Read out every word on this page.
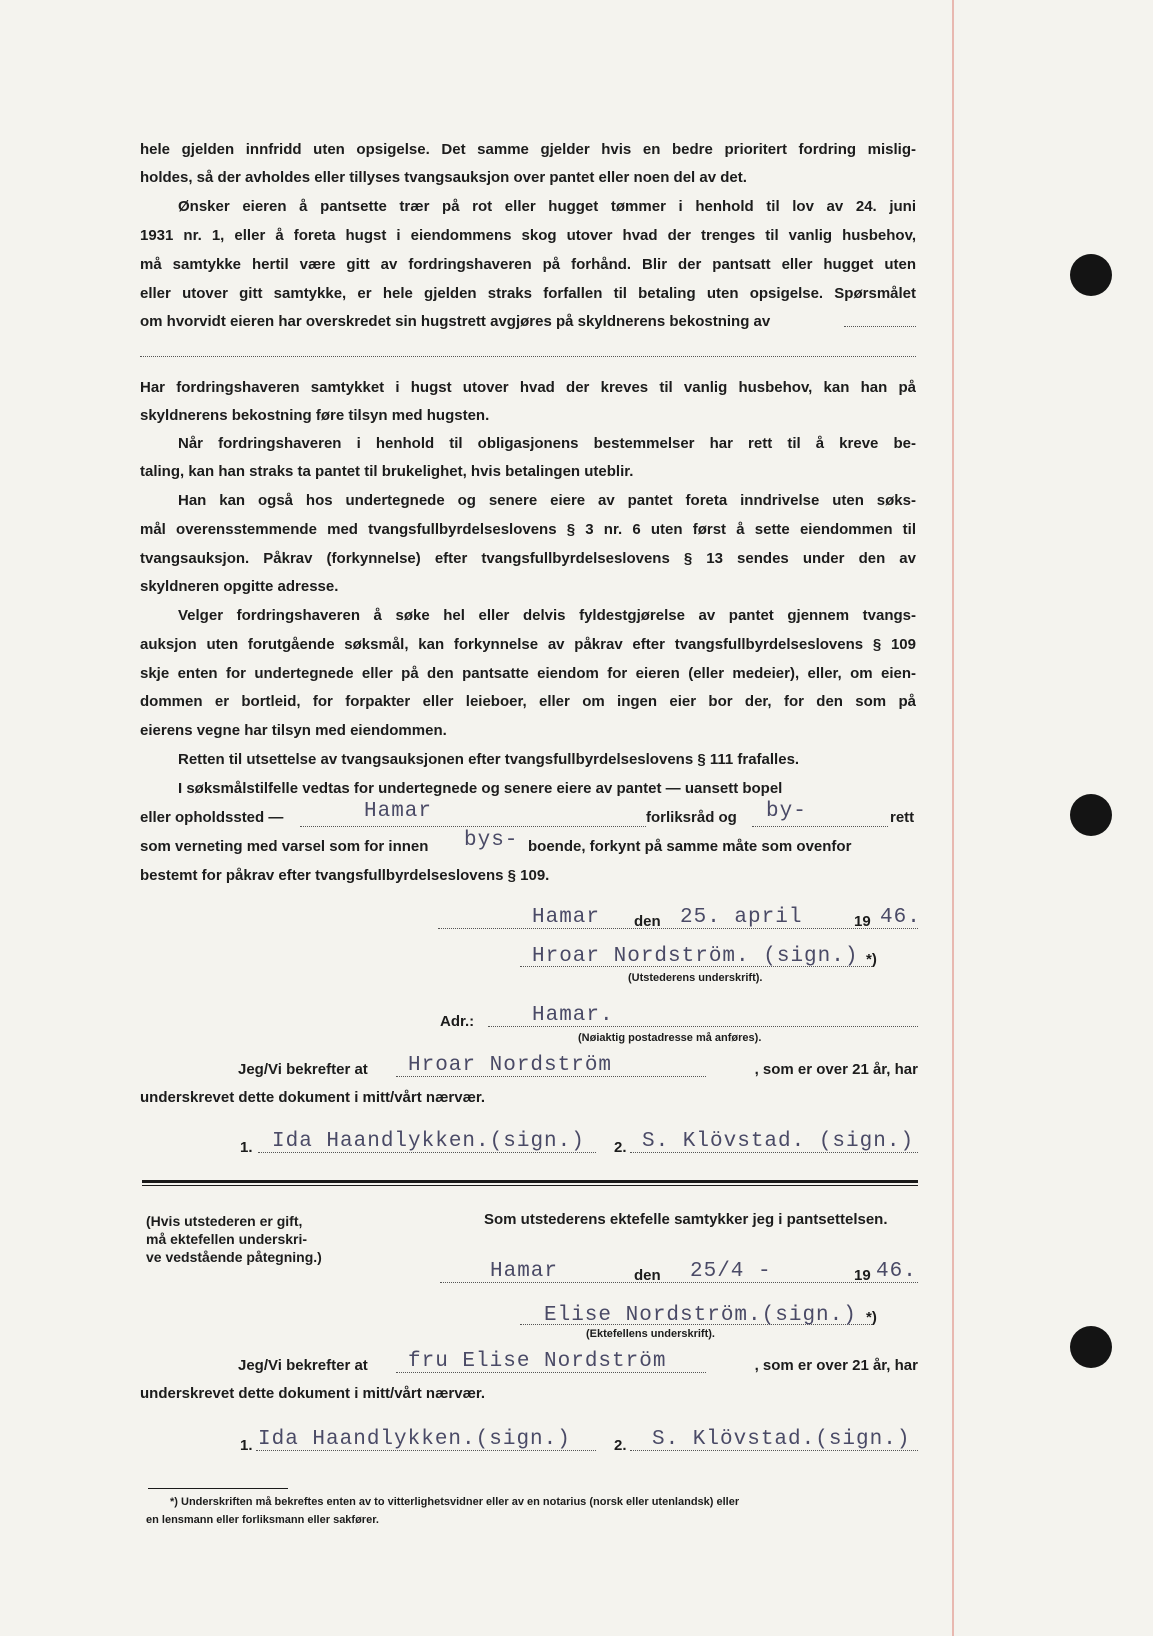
hele gjelden innfridd uten opsigelse. Det samme gjelder hvis en bedre prioritert fordring mislig-
holdes, så der avholdes eller tillyses tvangsauksjon over pantet eller noen del av det.
Ønsker eieren å pantsette trær på rot eller hugget tømmer i henhold til lov av 24. juni
1931 nr. 1, eller å foreta hugst i eiendommens skog utover hvad der trenges til vanlig husbehov,
må samtykke hertil være gitt av fordringshaveren på forhånd. Blir der pantsatt eller hugget uten
eller utover gitt samtykke, er hele gjelden straks forfallen til betaling uten opsigelse. Spørsmålet
om hvorvidt eieren har overskredet sin hugstrett avgjøres på skyldnerens bekostning av
Har fordringshaveren samtykket i hugst utover hvad der kreves til vanlig husbehov, kan han på
skyldnerens bekostning føre tilsyn med hugsten.
Når fordringshaveren i henhold til obligasjonens bestemmelser har rett til å kreve be-
taling, kan han straks ta pantet til brukelighet, hvis betalingen uteblir.
Han kan også hos undertegnede og senere eiere av pantet foreta inndrivelse uten søks-
mål overensstemmende med tvangsfullbyrdelseslovens § 3 nr. 6 uten først å sette eiendommen til
tvangsauksjon. Påkrav (forkynnelse) efter tvangsfullbyrdelseslovens § 13 sendes under den av
skyldneren opgitte adresse.
Velger fordringshaveren å søke hel eller delvis fyldestgjørelse av pantet gjennem tvangs-
auksjon uten forutgående søksmål, kan forkynnelse av påkrav efter tvangsfullbyrdelseslovens § 109
skje enten for undertegnede eller på den pantsatte eiendom for eieren (eller medeier), eller, om eien-
dommen er bortleid, for forpakter eller leieboer, eller om ingen eier bor der, for den som på
eierens vegne har tilsyn med eiendommen.
Retten til utsettelse av tvangsauksjonen efter tvangsfullbyrdelseslovens § 111 frafalles.
I søksmålstilfelle vedtas for undertegnede og senere eiere av pantet — uansett bopel
eller opholdssted —	Hamar	forliksråd og by-	rett
som verneting med varsel som for innen bys- boende, forkynt på samme måte som ovenfor
bestemt for påkrav efter tvangsfullbyrdelseslovens § 109.
Hamar den 25. april	19 46.
Hroar Nordström. (sign.) *)
(Utstederens underskrift).
Adr.:	Hamar.
(Nøiaktig postadresse må anføres).
Jeg/Vi bekrefter at Hroar Nordström	, som er over 21 år, har
underskrevet dette dokument i mitt/vårt nærvær.
1. Ida Haandlykken.(sign.) 2. S. Klövstad. (sign.)
(Hvis utstederen er gift,
må ektefellen underskri-
ve vedstående påtegning.)
Som utstederens ektefelle samtykker jeg i pantsettelsen.
Hamar	den 25/4 -	19 46.
Elise Nordström.(sign.) *)
(Ektefellens underskrift).
Jeg/Vi bekrefter at fru Elise Nordström	, som er over 21 år, har
underskrevet dette dokument i mitt/vårt nærvær.
1. Ida Haandlykken.(sign.)	2. S. Klövstad.(sign.)
*) Underskriften må bekreftes enten av to vitterlighetsvidner eller av en notarius (norsk eller utenlandsk) eller
en lensmann eller forliksmann eller sakfører.
